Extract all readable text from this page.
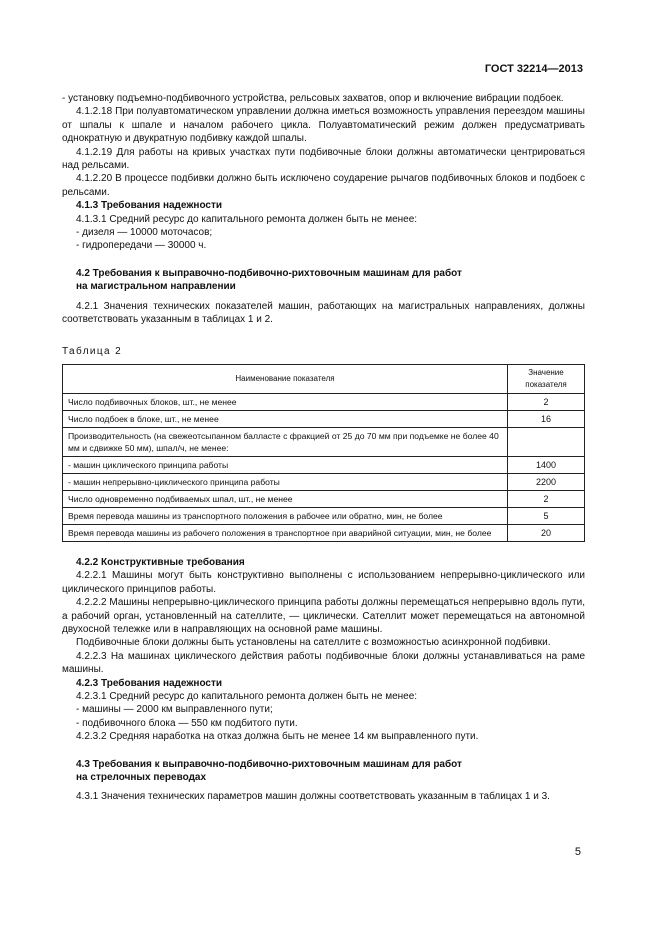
ГОСТ 32214—2013

- установку подъемно-подбивочного устройства, рельсовых захватов, опор и включение вибрации подбоек.

4.1.2.18 При полуавтоматическом управлении должна иметься возможность управления переездом машины от шпалы к шпале и началом рабочего цикла. Полуавтоматический режим должен предусматривать однократную и двукратную подбивку каждой шпалы.

4.1.2.19 Для работы на кривых участках пути подбивочные блоки должны автоматически центрироваться над рельсами.

4.1.2.20 В процессе подбивки должно быть исключено соударение рычагов подбивочных блоков и подбоек с рельсами.

4.1.3 Требования надежности

4.1.3.1 Средний ресурс до капитального ремонта должен быть не менее:

- дизеля — 10000 моточасов;

- гидропередачи — 30000 ч.

4.2 Требования к выправочно-подбивочно-рихтовочным машинам для работ

на магистральном направлении

4.2.1 Значения технических показателей машин, работающих на магистральных направлениях, должны соответствовать указанным в таблицах 1 и 2.

Таблица 2
Наименование показателя	Значение показателя
Число подбивочных блоков, шт., не менее	2
Число подбоек в блоке, шт., не менее	16
Производительность (на свежеотсыпанном балласте с фракцией от 25 до 70 мм при подъемке не более 40 мм и сдвижке 50 мм), шпал/ч, не менее:	
- машин циклического принципа работы	1400
- машин непрерывно-циклического принципа работы	2200
Число одновременно подбиваемых шпал, шт., не менее	2
Время перевода машины из транспортного положения в рабочее или обратно, мин, не более	5
Время перевода машины из рабочего положения в транспортное при аварийной ситуации, мин, не более	20

4.2.2 Конструктивные требования

4.2.2.1 Машины могут быть конструктивно выполнены с использованием непрерывно-циклического или циклического принципов работы.

4.2.2.2 Машины непрерывно-циклического принципа работы должны перемещаться непрерывно вдоль пути, а рабочий орган, установленный на сателлите, — циклически. Сателлит может перемещаться на автономной двухосной тележке или в направляющих на основной раме машины.

Подбивочные блоки должны быть установлены на сателлите с возможностью асинхронной подбивки.

4.2.2.3 На машинах циклического действия работы подбивочные блоки должны устанавливаться на раме машины.

4.2.3 Требования надежности

4.2.3.1 Средний ресурс до капитального ремонта должен быть не менее:

- машины — 2000 км выправленного пути;

- подбивочного блока — 550 км подбитого пути.

4.2.3.2 Средняя наработка на отказ должна быть не менее 14 км выправленного пути.

4.3 Требования к выправочно-подбивочно-рихтовочным машинам для работ

на стрелочных переводах

4.3.1 Значения технических параметров машин должны соответствовать указанным в таблицах 1 и 3.

5
